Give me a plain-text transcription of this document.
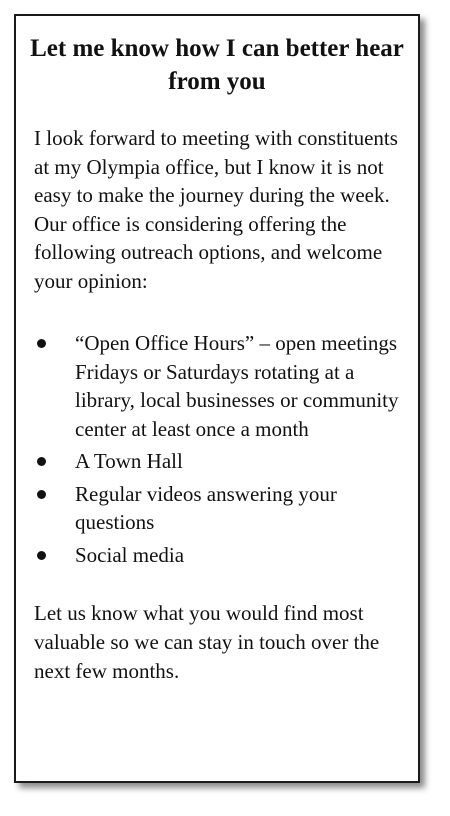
Let me know how I can better hear from you
I look forward to meeting with constituents at my Olympia office, but I know it is not easy to make the journey during the week. Our office is considering offering the following outreach options, and welcome your opinion:
“Open Office Hours” – open meetings Fridays or Saturdays rotating at a library, local businesses or community center at least once a month
A Town Hall
Regular videos answering your questions
Social media
Let us know what you would find most valuable so we can stay in touch over the next few months.
